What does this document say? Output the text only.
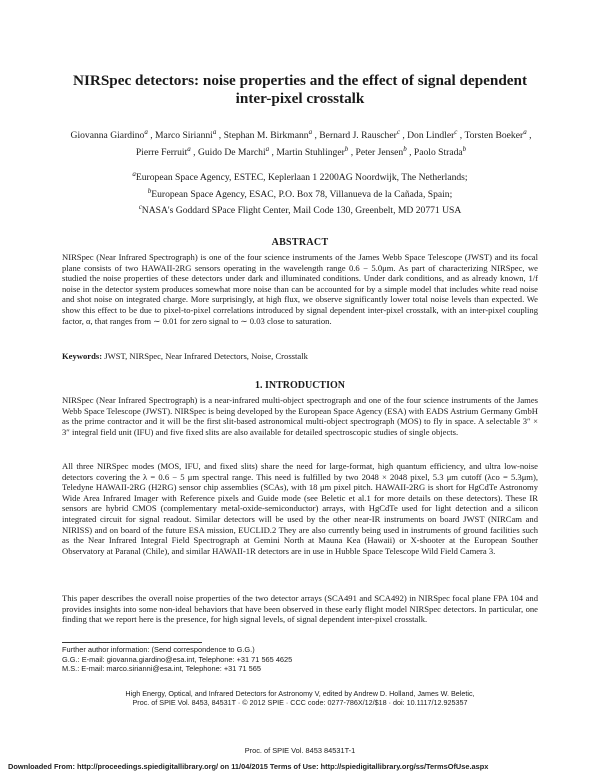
NIRSpec detectors: noise properties and the effect of signal dependent inter-pixel crosstalk
Giovanna Giardino$^a$ , Marco Sirianni$^a$ , Stephan M. Birkmann$^a$ , Bernard J. Rauscher$^c$ , Don Lindler$^c$ , Torsten Boeker$^a$ , Pierre Ferruit$^a$ , Guido De Marchi$^a$ , Martin Stuhlinger$^b$ , Peter Jensen$^b$ , Paolo Strada$^b$
$^a$European Space Agency, ESTEC, Keplerlaan 1 2200AG Noordwijk, The Netherlands;
$^b$European Space Agency, ESAC, P.O. Box 78, Villanueva de la Cañada, Spain;
$^c$NASA's Goddard SPace Flight Center, Mail Code 130, Greenbelt, MD 20771 USA
ABSTRACT

NIRSpec (Near Infrared Spectrograph) is one of the four science instruments of the James Webb Space Telescope (JWST) and its focal plane consists of two HAWAII-2RG sensors operating in the wavelength range 0.6 − 5.0μm. As part of characterizing NIRSpec, we studied the noise properties of these detectors under dark and illuminated conditions. Under dark conditions, and as already known, 1/f noise in the detector system produces somewhat more noise than can be accounted for by a simple model that includes white read noise and shot noise on integrated charge. More surprisingly, at high flux, we observe significantly lower total noise levels than expected. We show this effect to be due to pixel-to-pixel correlations introduced by signal dependent inter-pixel crosstalk, with an inter-pixel coupling factor, α, that ranges from ∼ 0.01 for zero signal to ∼ 0.03 close to saturation.

Keywords: JWST, NIRSpec, Near Infrared Detectors, Noise, Crosstalk

1. INTRODUCTION

NIRSpec (Near Infrared Spectrograph) is a near-infrared multi-object spectrograph and one of the four science instruments of the James Webb Space Telescope (JWST). NIRSpec is being developed by the European Space Agency (ESA) with EADS Astrium Germany GmbH as the prime contractor and it will be the first slit-based astronomical multi-object spectrograph (MOS) to fly in space. A selectable 3″ × 3″ integral field unit (IFU) and five fixed slits are also available for detailed spectroscopic studies of single objects.

All three NIRSpec modes (MOS, IFU, and fixed slits) share the need for large-format, high quantum efficiency, and ultra low-noise detectors covering the λ = 0.6 − 5 μm spectral range. This need is fulfilled by two 2048 × 2048 pixel, 5.3 μm cutoff (λco = 5.3μm), Teledyne HAWAII-2RG (H2RG) sensor chip assemblies (SCAs), with 18 μm pixel pitch. HAWAII-2RG is short for HgCdTe Astronomy Wide Area Infrared Imager with Reference pixels and Guide mode (see Beletic et al.1 for more details on these detectors). These IR sensors are hybrid CMOS (complementary metal-oxide-semiconductor) arrays, with HgCdTe used for light detection and a silicon integrated circuit for signal readout. Similar detectors will be used by the other near-IR instruments on board JWST (NIRCam and NIRISS) and on board of the future ESA mission, EUCLID.2 They are also currently being used in instruments of ground facilities such as the Near Infrared Integral Field Spectrograph at Gemini North at Mauna Kea (Hawaii) or X-shooter at the European Souther Observatory at Paranal (Chile), and similar HAWAII-1R detectors are in use in Hubble Space Telescope Wild Field Camera 3.

This paper describes the overall noise properties of the two detector arrays (SCA491 and SCA492) in NIRSpec focal plane FPA 104 and provides insights into some non-ideal behaviors that have been observed in these early flight model NIRSpec detectors. In particular, one finding that we report here is the presence, for high signal levels, of signal dependent inter-pixel crosstalk.

Further author information: (Send correspondence to G.G.)
G.G.: E-mail: giovanna.giardino@esa.int, Telephone: +31 71 565 4625
M.S.: E-mail: marco.sirianni@esa.int, Telephone: +31 71 565
High Energy, Optical, and Infrared Detectors for Astronomy V, edited by Andrew D. Holland, James W. Beletic,
Proc. of SPIE Vol. 8453, 84531T · © 2012 SPIE · CCC code: 0277-786X/12/$18 · doi: 10.1117/12.925357
Proc. of SPIE Vol. 8453 84531T-1
Downloaded From: http://proceedings.spiedigitallibrary.org/ on 11/04/2015 Terms of Use: http://spiedigitallibrary.org/ss/TermsOfUse.aspx
